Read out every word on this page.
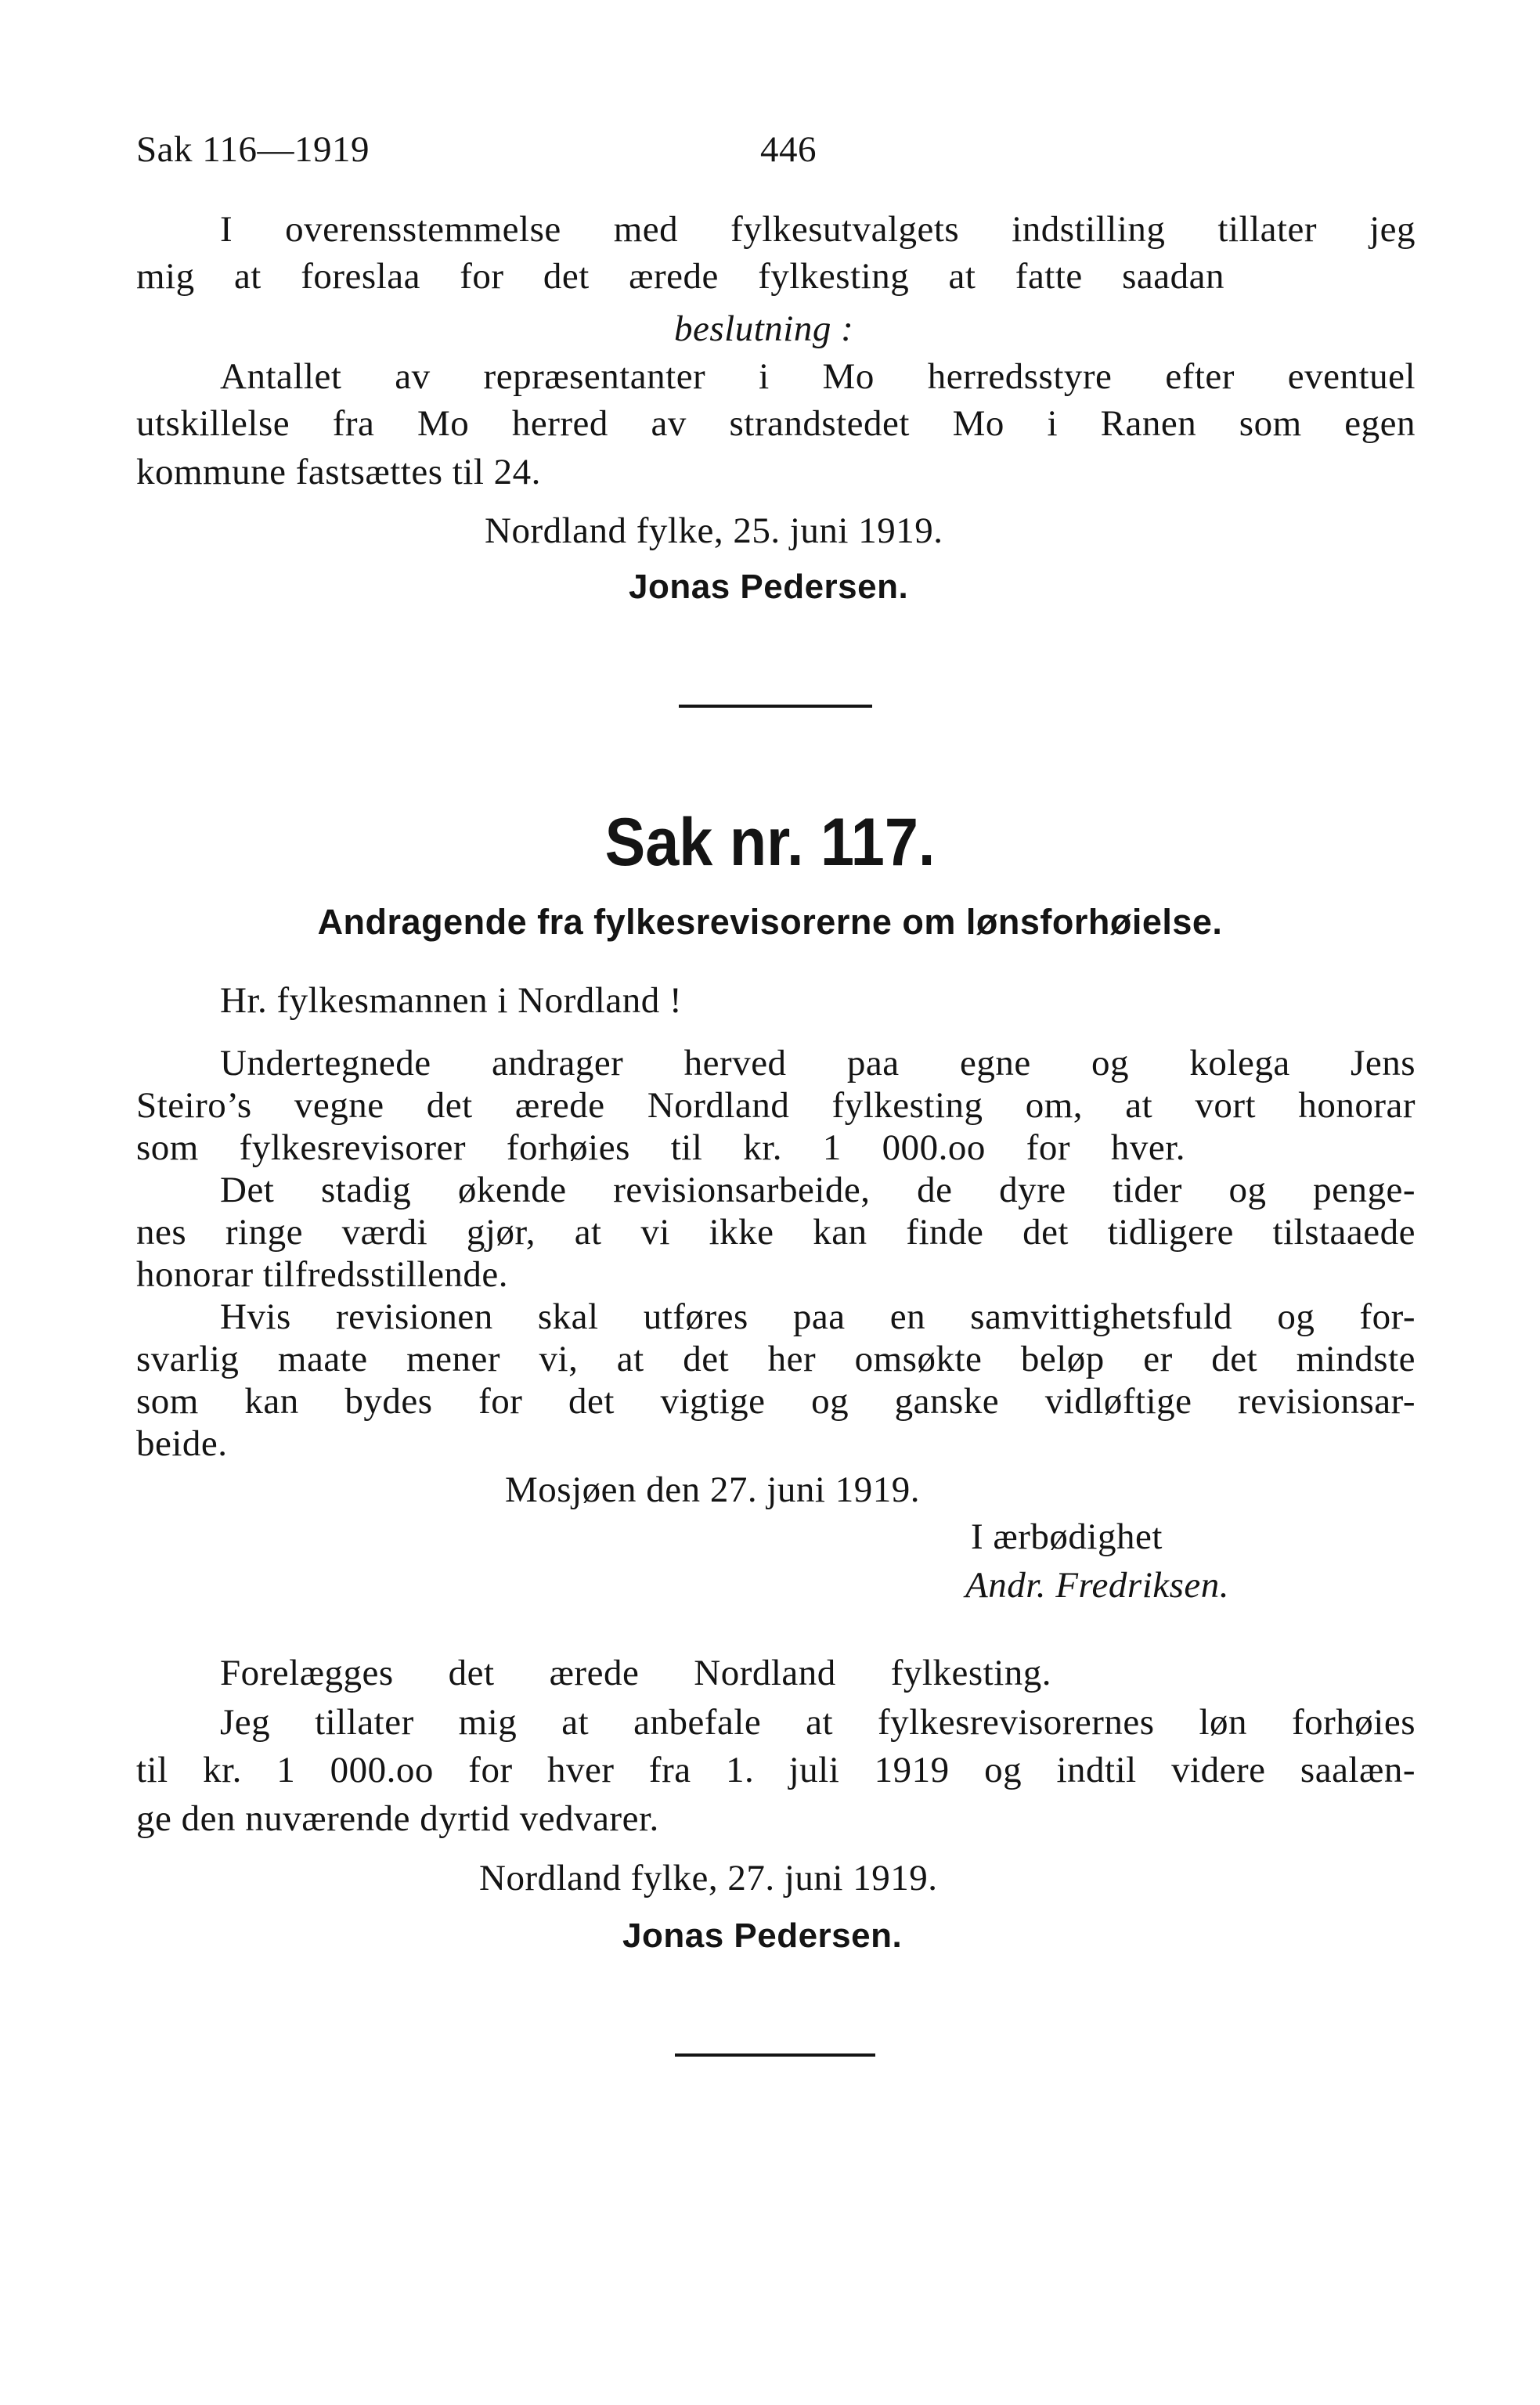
Sak 116—1919	446
I overensstemmelse med fylkesutvalgets indstilling tillater jeg
mig at foreslaa for det ærede fylkesting at fatte saadan
beslutning :
Antallet av repræsentanter i Mo herredsstyre efter eventuel
utskillelse fra Mo herred av strandstedet Mo i Ranen som egen
kommune fastsættes til 24.
Nordland fylke, 25. juni 1919.
Jonas Pedersen.
Sak nr. 117.
Andragende fra fylkesrevisorerne om lønsforhøielse.
Hr. fylkesmannen i Nordland !
Undertegnede andrager herved paa egne og kolega Jens
Steiro’s vegne det ærede Nordland fylkesting om, at vort honorar
som fylkesrevisorer forhøies til kr. 1 000.oo for hver.
Det stadig økende revisionsarbeide, de dyre tider og penge-
nes ringe værdi gjør, at vi ikke kan finde det tidligere tilstaaede
honorar tilfredsstillende.
Hvis revisionen skal utføres paa en samvittighetsfuld og for-
svarlig maate mener vi, at det her omsøkte beløp er det mindste
som kan bydes for det vigtige og ganske vidløftige revisionsar-
beide.
Mosjøen den 27. juni 1919.
I ærbødighet
Andr. Fredriksen.
Forelægges det ærede Nordland fylkesting.
Jeg tillater mig at anbefale at fylkesrevisorernes løn forhøies
til kr. 1 000.oo for hver fra 1. juli 1919 og indtil videre saalæn-
ge den nuværende dyrtid vedvarer.
Nordland fylke, 27. juni 1919.
Jonas Pedersen.
